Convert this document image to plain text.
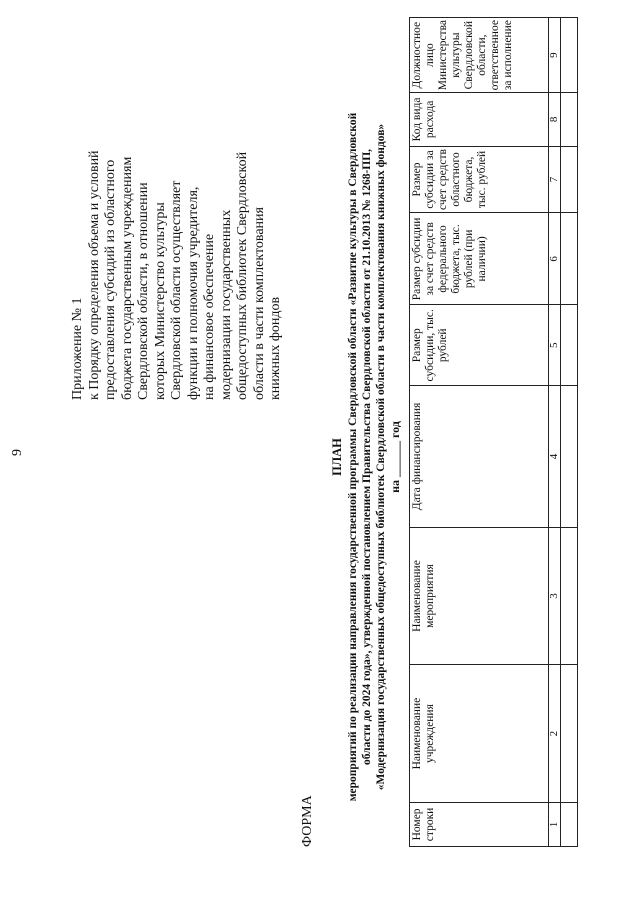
9
Приложение № 1 к Порядку определения объема и условий предоставления субсидий из областного бюджета государственным учреждениям Свердловской области, в отношении которых Министерство культуры Свердловской области осуществляет функции и полномочия учредителя, на финансовое обеспечение модернизации государственных общедоступных библиотек Свердловской области в части комплектования книжных фондов
ФОРМА
ПЛАН мероприятий по реализации направления государственной программы Свердловской области «Развитие культуры в Свердловской области до 2024 года», утвержденной постановлением Правительства Свердловской области от 21.10.2013 № 1268-ПП, «Модернизация государственных общедоступных библиотек Свердловской области в части комплектования книжных фондов» на ______ год
Номер строки	Наименование учреждения	Наименование мероприятия	Дата финансирования	Размер субсидии, тыс. рублей	Размер субсидии за счет средств федерального бюджета, тыс. рублей (при наличии)	Размер субсидии за счет средств областного бюджета, тыс. рублей	Код вида расхода	Должностное лицо Министерства культуры Свердловской области, ответственное за исполнение
1	2	3	4	5	6	7	8	9
